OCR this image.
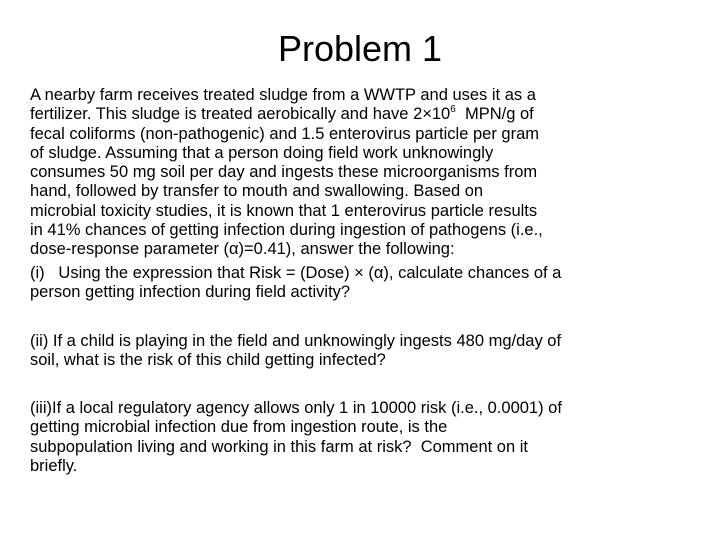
Problem 1
A nearby farm receives treated sludge from a WWTP and uses it as a
fertilizer. This sludge is treated aerobically and have $2\times 10^6$  MPN/g of
fecal coliforms (non-pathogenic) and 1.5 enterovirus particle per gram
of sludge. Assuming that a person doing field work unknowingly
consumes 50 mg soil per day and ingests these microorganisms from
hand, followed by transfer to mouth and swallowing. Based on
microbial toxicity studies, it is known that 1 enterovirus particle results
in 41% chances of getting infection during ingestion of pathogens (i.e.,
dose-response parameter (α)=0.41), answer the following:
(i)   Using the expression that Risk = (Dose) × (α), calculate chances of a
person getting infection during field activity?
(ii) If a child is playing in the field and unknowingly ingests 480 mg/day of
soil, what is the risk of this child getting infected?
(iii)If a local regulatory agency allows only 1 in 10000 risk (i.e., 0.0001) of
getting microbial infection due from ingestion route, is the
subpopulation living and working in this farm at risk?  Comment on it
briefly.
